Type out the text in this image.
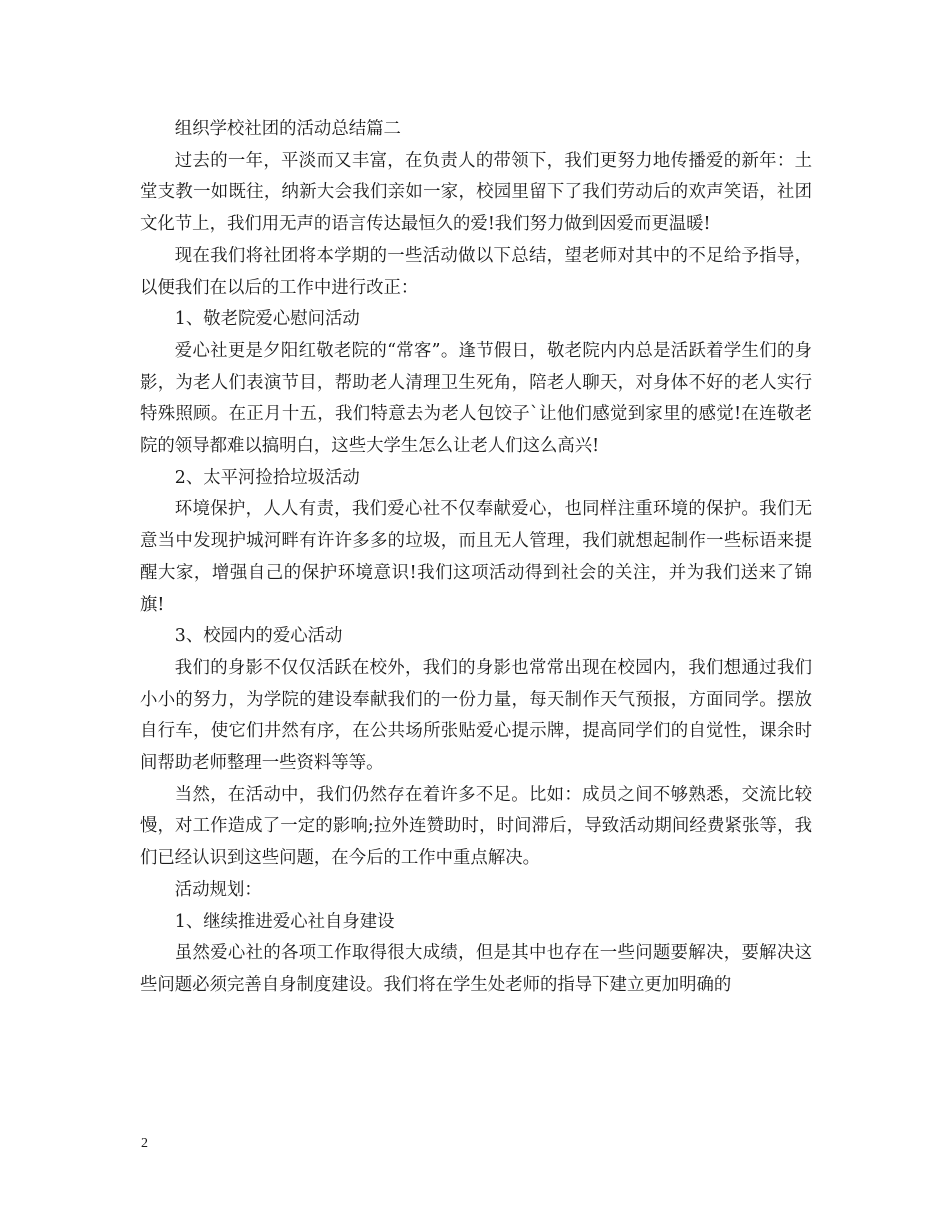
组织学校社团的活动总结篇二

过去的一年，平淡而又丰富，在负责人的带领下，我们更努力地传播爱的新年：土堂支教一如既往，纳新大会我们亲如一家，校园里留下了我们劳动后的欢声笑语，社团文化节上，我们用无声的语言传达最恒久的爱!我们努力做到因爱而更温暖!

现在我们将社团将本学期的一些活动做以下总结，望老师对其中的不足给予指导，以便我们在以后的工作中进行改正：

1、敬老院爱心慰问活动

爱心社更是夕阳红敬老院的“常客”。逢节假日，敬老院内内总是活跃着学生们的身影，为老人们表演节目，帮助老人清理卫生死角，陪老人聊天，对身体不好的老人实行特殊照顾。在正月十五，我们特意去为老人包饺子`让他们感觉到家里的感觉!在连敬老院的领导都难以搞明白，这些大学生怎么让老人们这么高兴!

2、太平河捡拾垃圾活动

环境保护，人人有责，我们爱心社不仅奉献爱心，也同样注重环境的保护。我们无意当中发现护城河畔有许许多多的垃圾，而且无人管理，我们就想起制作一些标语来提醒大家，增强自己的保护环境意识!我们这项活动得到社会的关注，并为我们送来了锦旗!

3、校园内的爱心活动

我们的身影不仅仅活跃在校外，我们的身影也常常出现在校园内，我们想通过我们小小的努力，为学院的建设奉献我们的一份力量，每天制作天气预报，方面同学。摆放自行车，使它们井然有序，在公共场所张贴爱心提示牌，提高同学们的自觉性，课余时间帮助老师整理一些资料等等。

当然，在活动中，我们仍然存在着许多不足。比如：成员之间不够熟悉，交流比较慢，对工作造成了一定的影响;拉外连赞助时，时间滞后，导致活动期间经费紧张等，我们已经认识到这些问题，在今后的工作中重点解决。

活动规划：

1、继续推进爱心社自身建设

虽然爱心社的各项工作取得很大成绩，但是其中也存在一些问题要解决，要解决这些问题必须完善自身制度建设。我们将在学生处老师的指导下建立更加明确的

2
